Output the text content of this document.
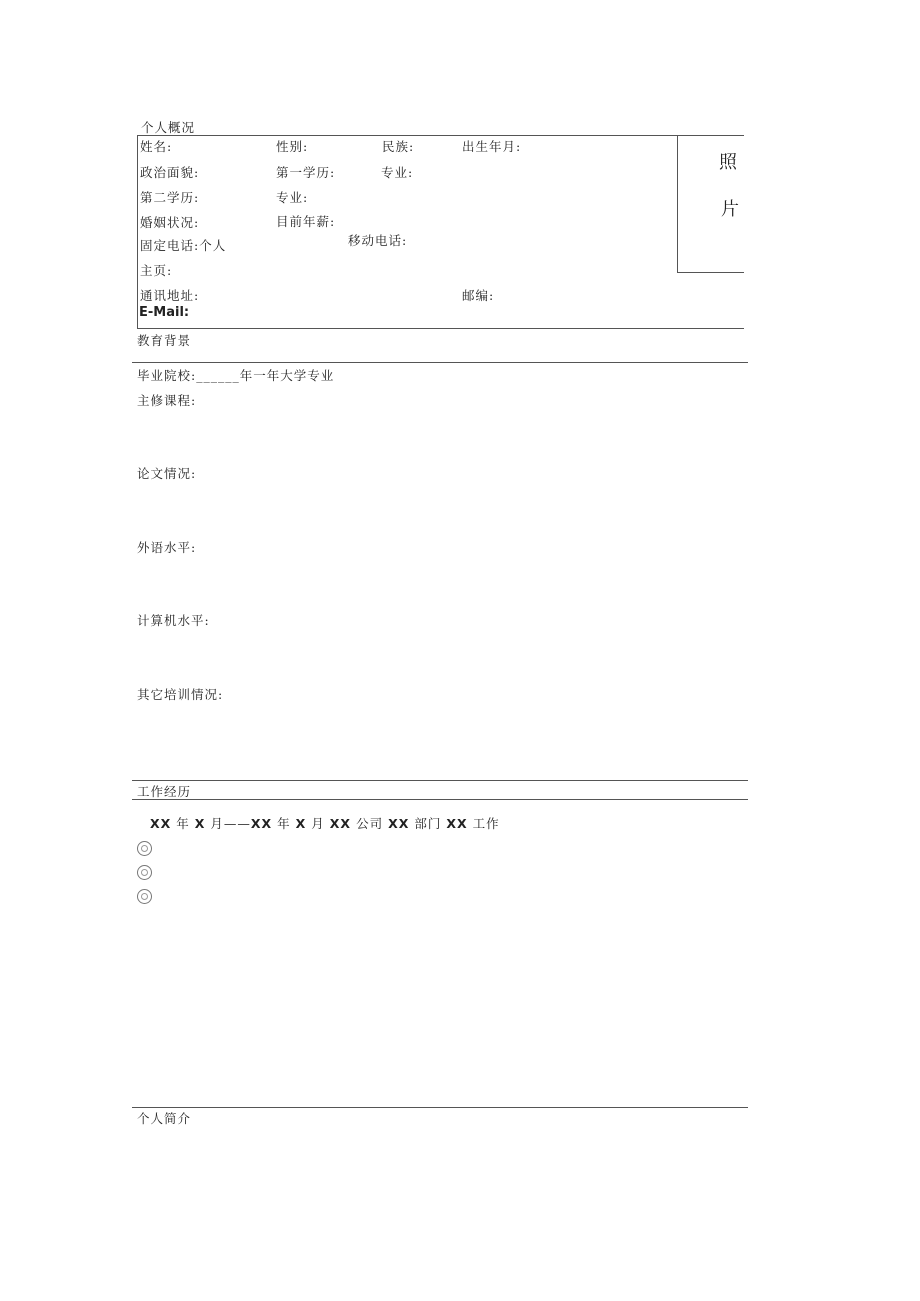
个人概况
照
片
姓名:	性别:	民族:	出生年月:
政治面貌:	第一学历:	专业:
第二学历:	专业:
婚姻状况:	目前年薪:
固定电话:个人	移动电话:
主页:
通讯地址:	邮编:
E-Mail:
教育背景
毕业院校:______年一年大学专业
主修课程:
论文情况:
外语水平:
计算机水平:
其它培训情况:
工作经历
XX 年 X 月——XX 年 X 月 XX 公司 XX 部门 XX 工作
个人简介
